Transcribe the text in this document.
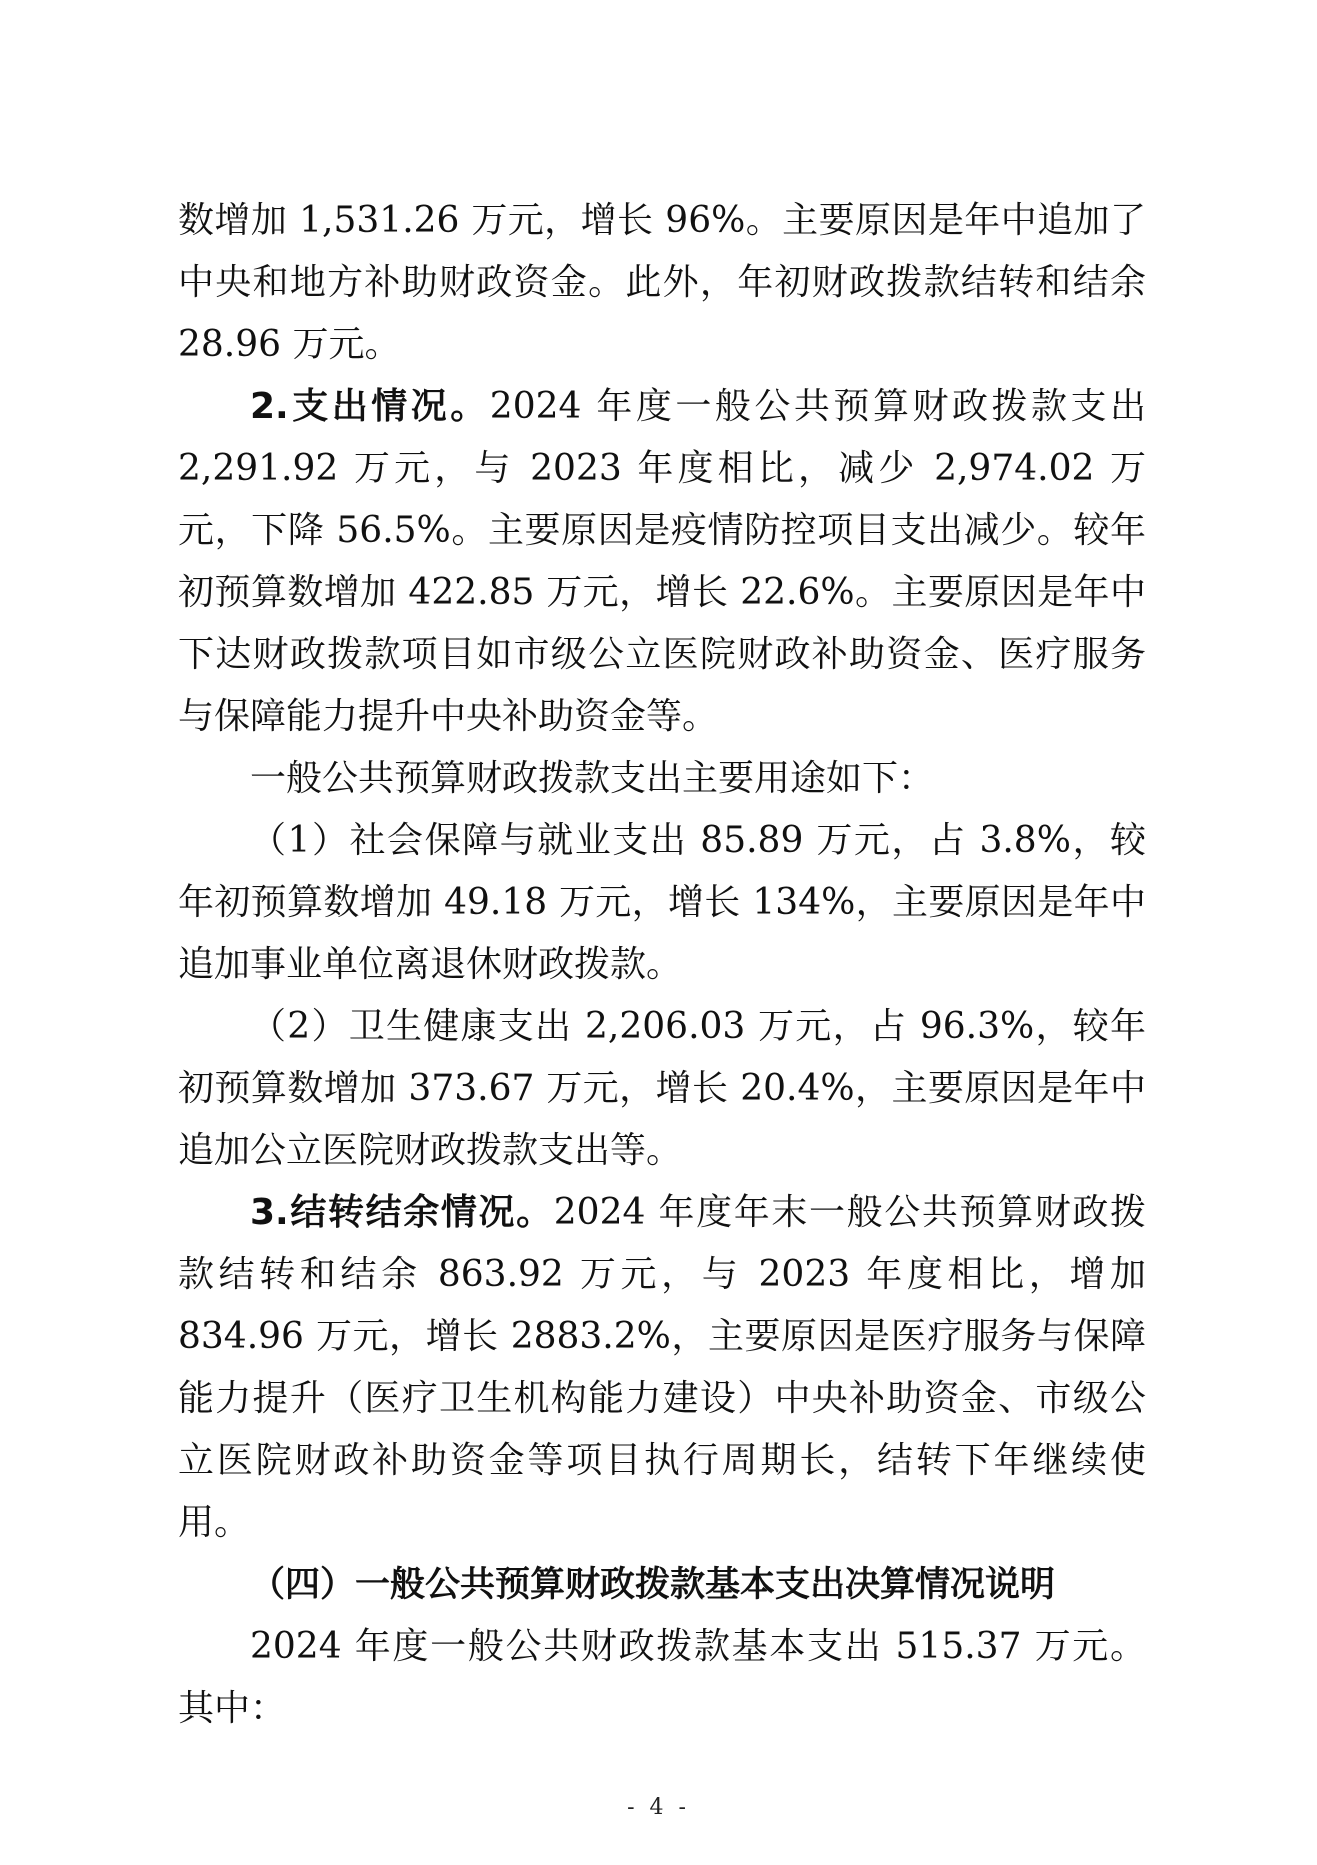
数增加 1,531.26 万元，增长 96%。主要原因是年中追加了中央和地方补助财政资金。此外，年初财政拨款结转和结余 28.96 万元。

2.支出情况。2024 年度一般公共预算财政拨款支出 2,291.92 万元，与 2023 年度相比，减少 2,974.02 万元，下降 56.5%。主要原因是疫情防控项目支出减少。较年初预算数增加 422.85 万元，增长 22.6%。主要原因是年中下达财政拨款项目如市级公立医院财政补助资金、医疗服务与保障能力提升中央补助资金等。

一般公共预算财政拨款支出主要用途如下：

（1）社会保障与就业支出 85.89 万元，占 3.8%，较年初预算数增加 49.18 万元，增长 134%，主要原因是年中追加事业单位离退休财政拨款。

（2）卫生健康支出 2,206.03 万元，占 96.3%，较年初预算数增加 373.67 万元，增长 20.4%，主要原因是年中追加公立医院财政拨款支出等。

3.结转结余情况。2024 年度年末一般公共预算财政拨款结转和结余 863.92 万元，与 2023 年度相比，增加 834.96 万元，增长 2883.2%，主要原因是医疗服务与保障能力提升（医疗卫生机构能力建设）中央补助资金、市级公立医院财政补助资金等项目执行周期长，结转下年继续使用。

（四）一般公共预算财政拨款基本支出决算情况说明

2024 年度一般公共财政拨款基本支出 515.37 万元。其中：

- 4 -
